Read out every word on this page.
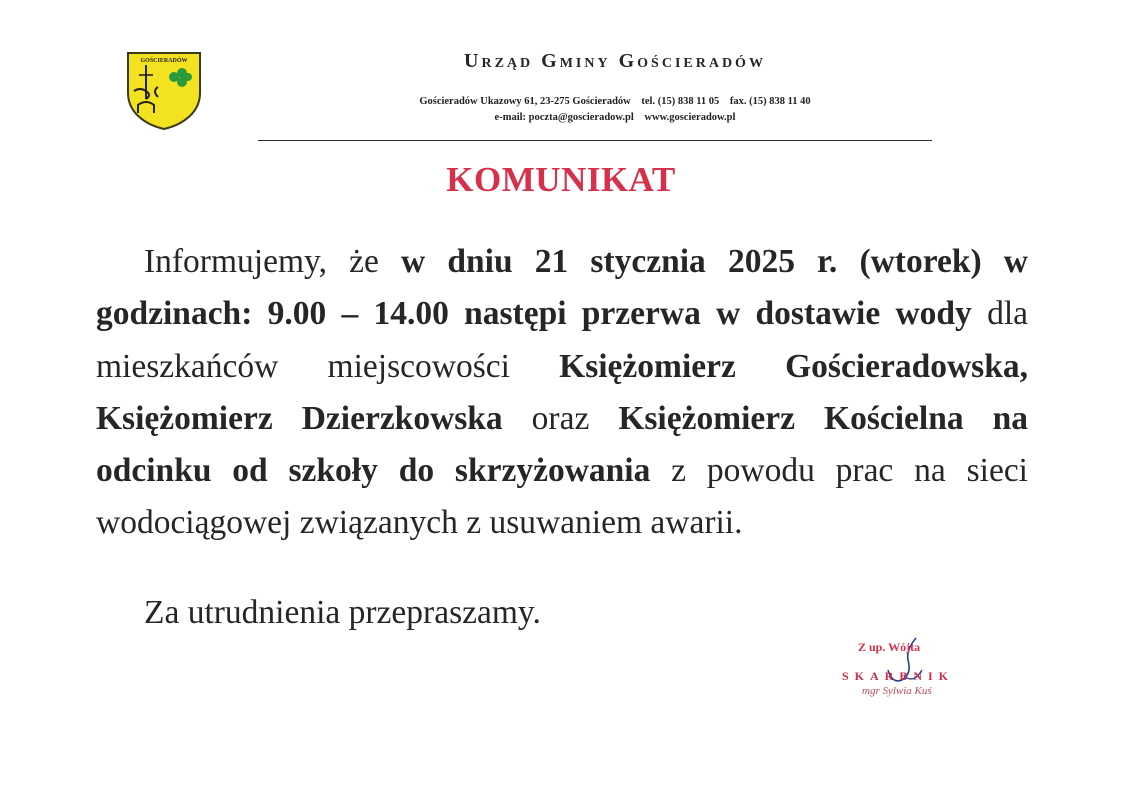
GOŚCIERADÓW	Urząd Gminy Gościeradów
Gościeradów Ukazowy 61, 23-275 Gościeradów tel. (15) 838 11 05 fax. (15) 838 11 40
e-mail: poczta@goscieradow.pl www.goscieradow.pl
KOMUNIKAT
Informujemy, że w dniu 21 stycznia 2025 r. (wtorek) w godzinach: 9.00 – 14.00 następi przerwa w dostawie wody dla mieszkańców miejscowości Księżomierz Gościeradowska, Księżomierz Dzierzkowska oraz Księżomierz Kościelna na odcinku od szkoły do skrzyżowania z powodu prac na sieci wodociągowej związanych z usuwaniem awarii.
Za utrudnienia przepraszamy.
Z up. Wójta
SKARBNIK
mgr Sylwia Kuś
